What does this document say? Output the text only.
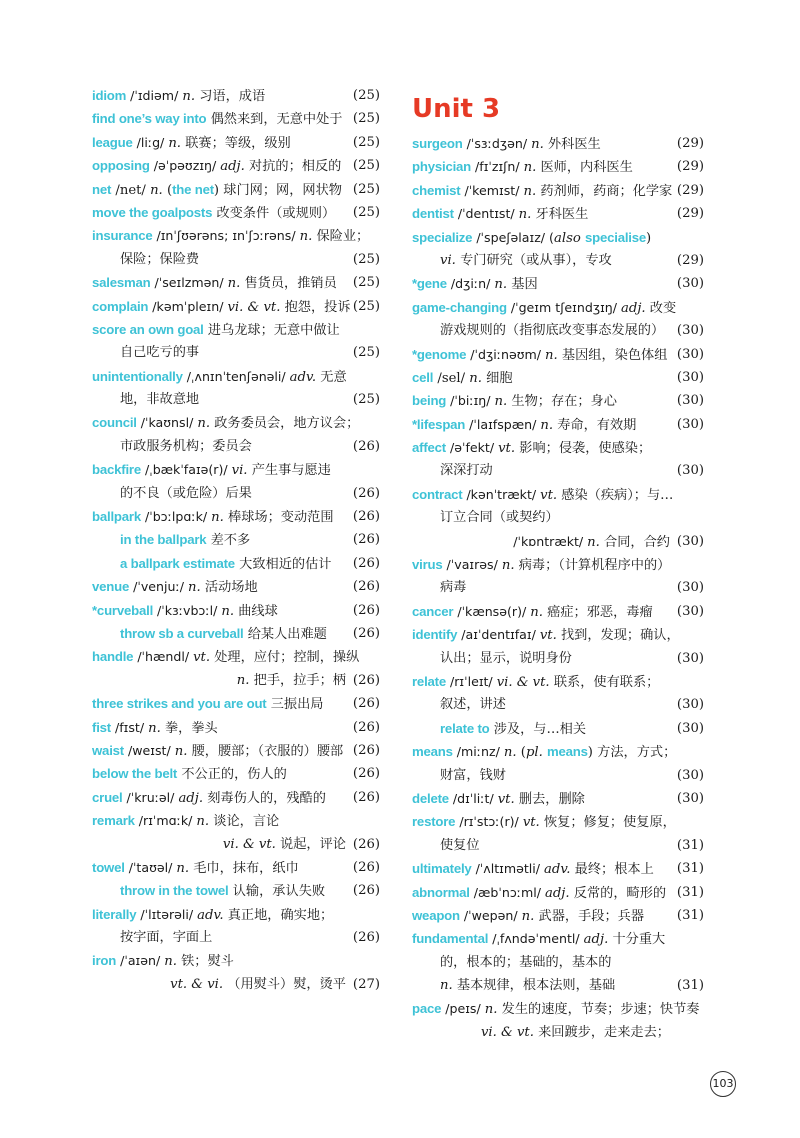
idiom /ˈɪdiəm/ n. 习语，成语	(25)
find one’s way into 偶然来到，无意中处于 (25)
league /liːg/ n. 联赛；等级，级别	(25)
opposing /əˈpəʊzɪŋ/ adj. 对抗的；相反的 (25)
net /net/ n. (the net) 球门网；网，网状物 (25)
move the goalposts 改变条件（或规则） (25)
insurance /ɪnˈʃʊərəns; ɪnˈʃɔːrəns/ n. 保险业；
保险；保险费	(25)
salesman /ˈseɪlzmən/ n. 售货员，推销员 (25)
complain /kəmˈpleɪn/ vi. & vt. 抱怨，投诉 (25)
score an own goal 进乌龙球；无意中做让
自己吃亏的事	(25)
unintentionally /ˌʌnɪnˈtenʃənəli/ adv. 无意
地，非故意地	(25)
council /ˈkaʊnsl/ n. 政务委员会，地方议会；
市政服务机构；委员会	(26)
backfire /ˌbækˈfaɪə(r)/ vi. 产生事与愿违
的不良（或危险）后果	(26)
ballpark /ˈbɔːlpɑːk/ n. 棒球场；变动范围 (26)
in the ballpark 差不多	(26)
a ballpark estimate 大致相近的估计 (26)
venue /ˈvenjuː/ n. 活动场地	(26)
*curveball /ˈkɜːvbɔːl/ n. 曲线球	(26)
throw sb a curveball 给某人出难题 (26)
handle /ˈhændl/ vt. 处理，应付；控制，操纵
n. 把手，拉手；柄 (26)
three strikes and you are out 三振出局 (26)
fist /fɪst/ n. 拳，拳头	(26)
waist /weɪst/ n. 腰，腰部；（衣服的）腰部 (26)
below the belt 不公正的，伤人的	(26)
cruel /ˈkruːəl/ adj. 刻毒伤人的，残酷的 (26)
remark /rɪˈmɑːk/ n. 谈论，言论
vi. & vt. 说起，评论 (26)
towel /ˈtaʊəl/ n. 毛巾，抹布，纸巾	(26)
throw in the towel 认输，承认失败 (26)
literally /ˈlɪtərəli/ adv. 真正地，确实地；
按字面，字面上	(26)
iron /ˈaɪən/ n. 铁；熨斗
vt. & vi. （用熨斗）熨，烫平 (27)
Unit 3
surgeon /ˈsɜːdʒən/ n. 外科医生	(29)
physician /fɪˈzɪʃn/ n. 医师，内科医生	(29)
chemist /ˈkemɪst/ n. 药剂师，药商；化学家 (29)
dentist /ˈdentɪst/ n. 牙科医生	(29)
specialize /ˈspeʃəlaɪz/ (also specialise)
vi. 专门研究（或从事），专攻	(29)
*gene /dʒiːn/ n. 基因	(30)
game-changing /ˈgeɪm tʃeɪndʒɪŋ/ adj. 改变
游戏规则的（指彻底改变事态发展的） (30)
*genome /ˈdʒiːnəʊm/ n. 基因组，染色体组 (30)
cell /sel/ n. 细胞	(30)
being /ˈbiːɪŋ/ n. 生物；存在；身心	(30)
*lifespan /ˈlaɪfspæn/ n. 寿命，有效期	(30)
affect /əˈfekt/ vt. 影响；侵袭，使感染；
深深打动	(30)
contract /kənˈtrækt/ vt. 感染（疾病）；与…
订立合同（或契约）
/ˈkɒntrækt/ n. 合同，合约 (30)
virus /ˈvaɪrəs/ n. 病毒；（计算机程序中的）
病毒	(30)
cancer /ˈkænsə(r)/ n. 癌症；邪恶，毒瘤 (30)
identify /aɪˈdentɪfaɪ/ vt. 找到，发现；确认，
认出；显示，说明身份	(30)
relate /rɪˈleɪt/ vi. & vt. 联系，使有联系；
叙述，讲述	(30)
relate to 涉及，与…相关	(30)
means /miːnz/ n. (pl. means) 方法，方式；
财富，钱财	(30)
delete /dɪˈliːt/ vt. 删去，删除	(30)
restore /rɪˈstɔː(r)/ vt. 恢复；修复；使复原，
使复位	(31)
ultimately /ˈʌltɪmətli/ adv. 最终；根本上 (31)
abnormal /æbˈnɔːml/ adj. 反常的，畸形的 (31)
weapon /ˈwepən/ n. 武器，手段；兵器 (31)
fundamental /ˌfʌndəˈmentl/ adj. 十分重大
的，根本的；基础的，基本的
n. 基本规律，根本法则，基础	(31)
pace /peɪs/ n. 发生的速度，节奏；步速；快节奏
vi. & vt. 来回踱步，走来走去；
103
